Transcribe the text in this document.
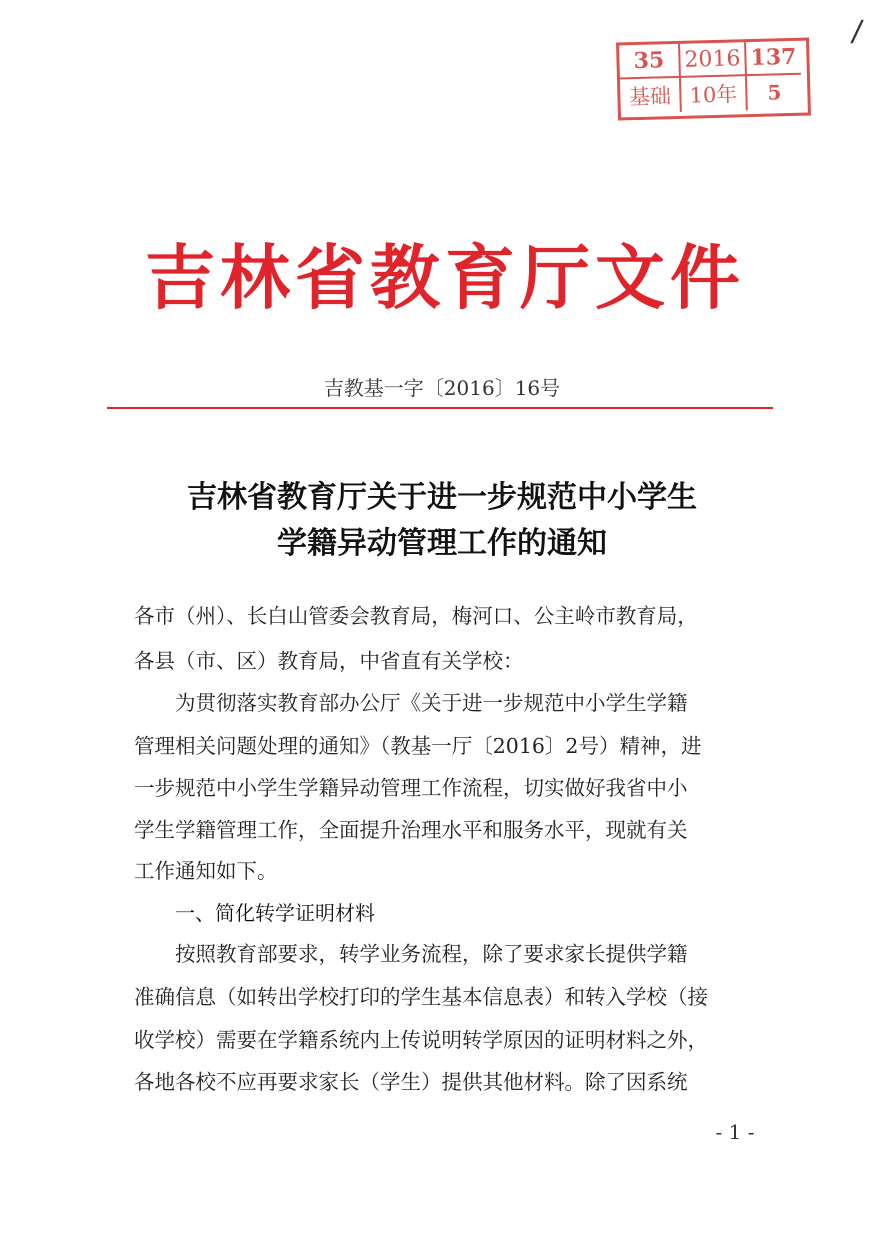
/
35 2016 137
基础 10年	5
吉林省教育厅文件
吉教基一字〔2016〕16号
吉林省教育厅关于进一步规范中小学生
学籍异动管理工作的通知
各市（州）、长白山管委会教育局，梅河口、公主岭市教育局，
各县（市、区）教育局，中省直有关学校：
为贯彻落实教育部办公厅《关于进一步规范中小学生学籍
管理相关问题处理的通知》（教基一厅〔2016〕2号）精神，进
一步规范中小学生学籍异动管理工作流程，切实做好我省中小
学生学籍管理工作，全面提升治理水平和服务水平，现就有关
工作通知如下。
一、简化转学证明材料
按照教育部要求，转学业务流程，除了要求家长提供学籍
准确信息（如转出学校打印的学生基本信息表）和转入学校（接
收学校）需要在学籍系统内上传说明转学原因的证明材料之外，
各地各校不应再要求家长（学生）提供其他材料。除了因系统
- 1 -
